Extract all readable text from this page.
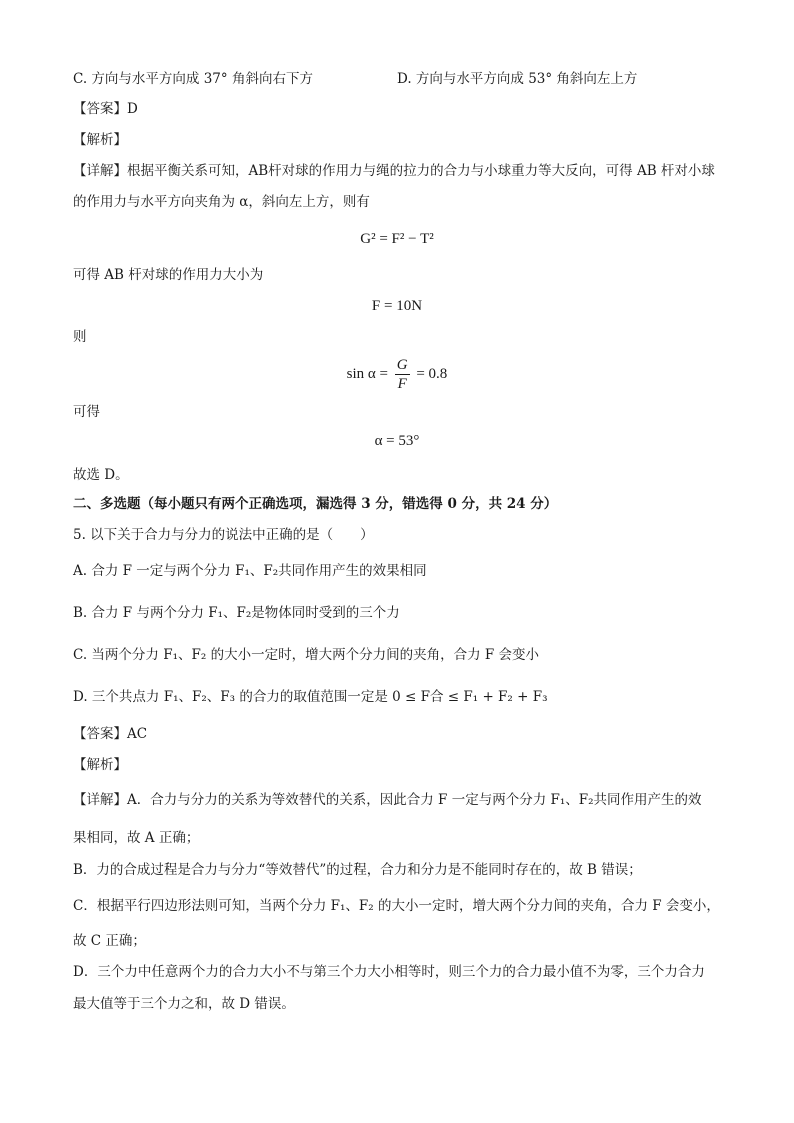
C. 方向与水平方向成 37° 角斜向右下方	D. 方向与水平方向成 53° 角斜向左上方
【答案】D
【解析】
【详解】根据平衡关系可知，AB杆对球的作用力与绳的拉力的合力与小球重力等大反向，可得 AB 杆对小球
的作用力与水平方向夹角为 α，斜向左上方，则有
G² = F² − T²
可得 AB 杆对球的作用力大小为
F = 10N
则
$\sin \alpha = \frac{G}{F} = 0.8$
可得
α = 53°
故选 D。
二、多选题（每小题只有两个正确选项，漏选得 3 分，错选得 0 分，共 24 分）
5. 以下关于合力与分力的说法中正确的是（　　）
A. 合力 F 一定与两个分力 F₁、F₂共同作用产生的效果相同
B. 合力 F 与两个分力 F₁、F₂是物体同时受到的三个力
C. 当两个分力 F₁、F₂ 的大小一定时，增大两个分力间的夹角，合力 F 会变小
D. 三个共点力 F₁、F₂、F₃ 的合力的取值范围一定是 0 ≤ F合 ≤ F₁ + F₂ + F₃
【答案】AC
【解析】
【详解】A．合力与分力的关系为等效替代的关系，因此合力 F 一定与两个分力 F₁、F₂共同作用产生的效
果相同，故 A 正确；
B．力的合成过程是合力与分力“等效替代”的过程，合力和分力是不能同时存在的，故 B 错误；
C．根据平行四边形法则可知，当两个分力 F₁、F₂ 的大小一定时，增大两个分力间的夹角，合力 F 会变小，
故 C 正确；
D．三个力中任意两个力的合力大小不与第三个力大小相等时，则三个力的合力最小值不为零，三个力合力
最大值等于三个力之和，故 D 错误。
